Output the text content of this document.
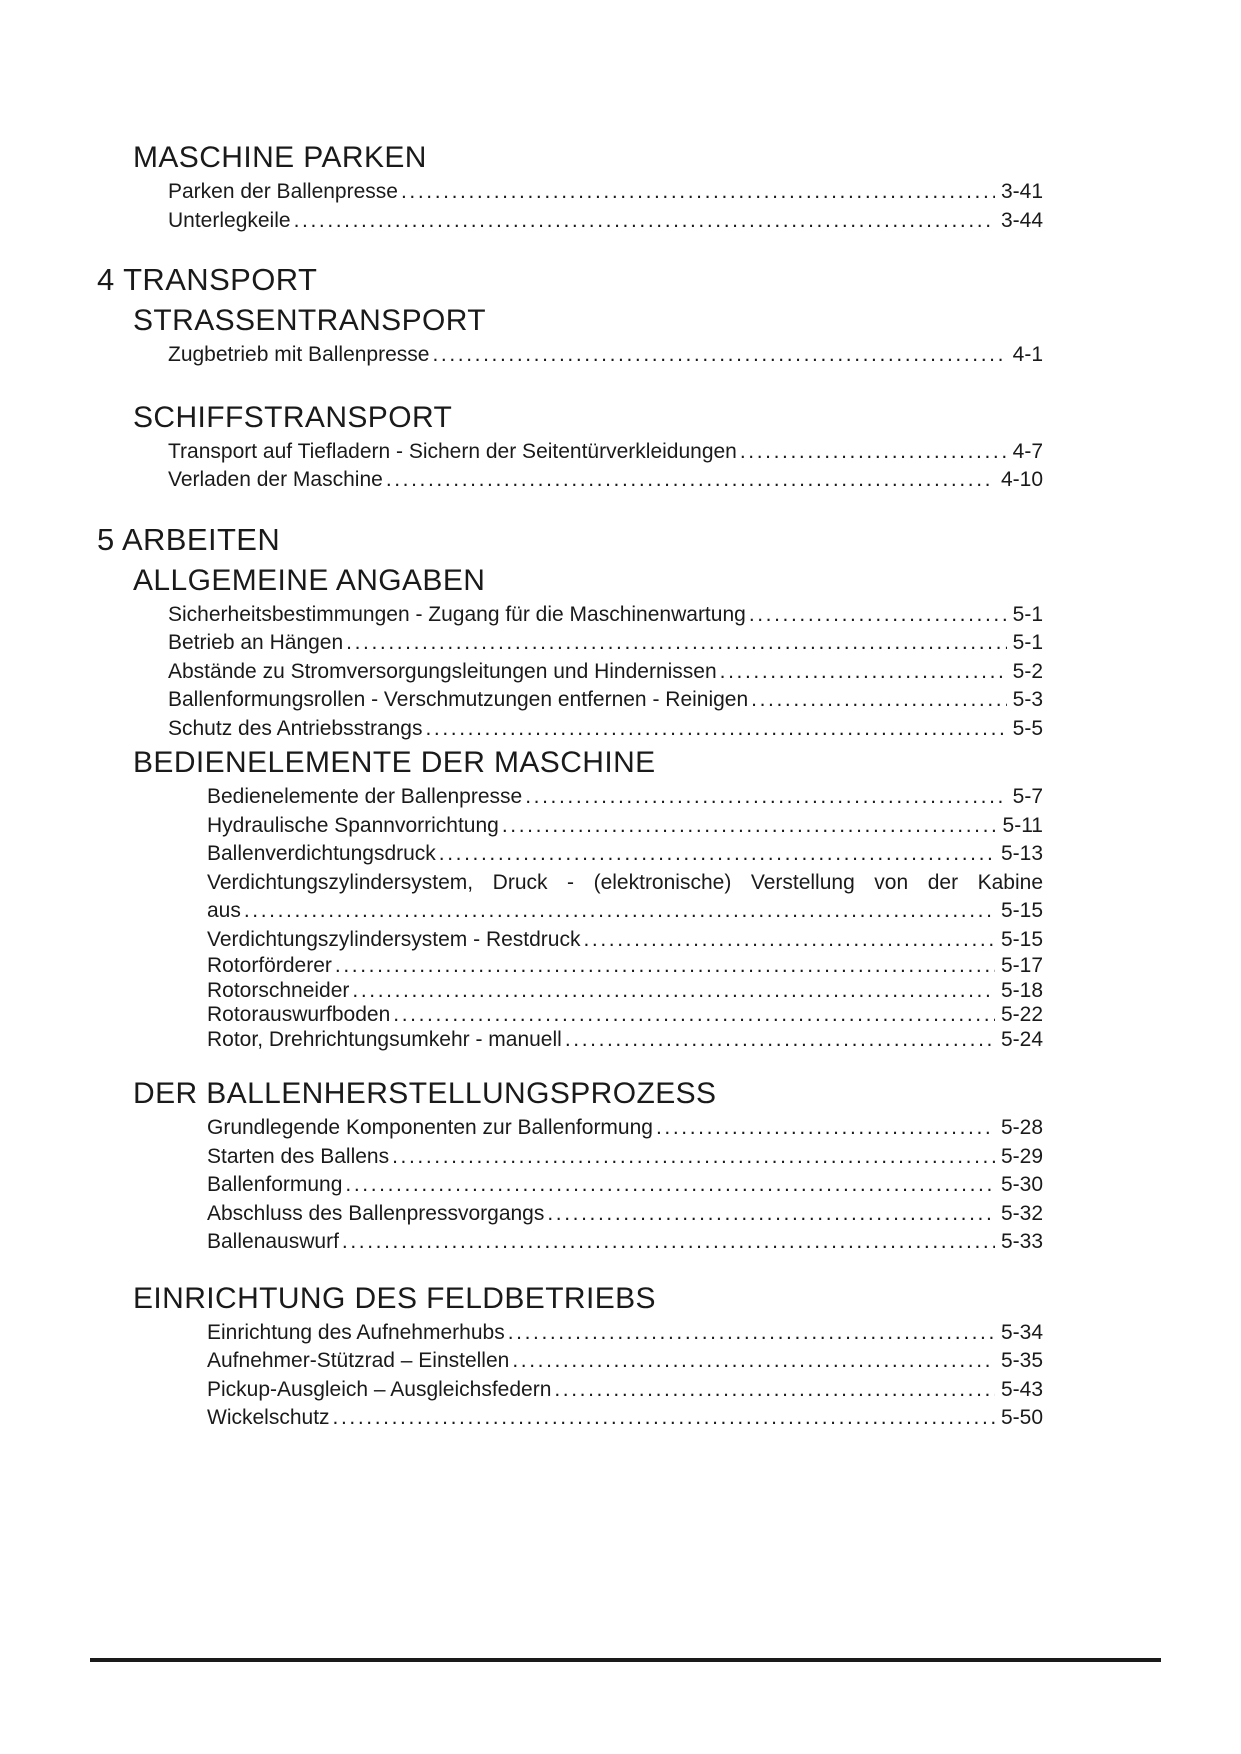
MASCHINE PARKEN
Parken der Ballenpresse .....	3-41
Unterlegkeile .....	3-44
4 TRANSPORT
STRASSENTRANSPORT
Zugbetrieb mit Ballenpresse .....	4-1
SCHIFFSTRANSPORT
Transport auf Tiefladern - Sichern der Seitentürverkleidungen .....	4-7
Verladen der Maschine .....	4-10
5 ARBEITEN
ALLGEMEINE ANGABEN
Sicherheitsbestimmungen - Zugang für die Maschinenwartung .....	5-1
Betrieb an Hängen .....	5-1
Abstände zu Stromversorgungsleitungen und Hindernissen .....	5-2
Ballenformungsrollen - Verschmutzungen entfernen - Reinigen .....	5-3
Schutz des Antriebsstrangs .....	5-5
BEDIENELEMENTE DER MASCHINE
Bedienelemente der Ballenpresse .....	5-7
Hydraulische Spannvorrichtung .....	5-11
Ballenverdichtungsdruck .....	5-13
Verdichtungszylindersystem, Druck - (elektronische) Verstellung von der Kabine
aus .....	5-15
Verdichtungszylindersystem - Restdruck .....	5-15
Rotorförderer .....	5-17
Rotorschneider .....	5-18
Rotorauswurfboden .....	5-22
Rotor, Drehrichtungsumkehr - manuell .....	5-24
DER BALLENHERSTELLUNGSPROZESS
Grundlegende Komponenten zur Ballenformung .....	5-28
Starten des Ballens .....	5-29
Ballenformung .....	5-30
Abschluss des Ballenpressvorgangs .....	5-32
Ballenauswurf .....	5-33
EINRICHTUNG DES FELDBETRIEBS
Einrichtung des Aufnehmerhubs .....	5-34
Aufnehmer-Stützrad – Einstellen .....	5-35
Pickup-Ausgleich – Ausgleichsfedern .....	5-43
Wickelschutz .....	5-50
